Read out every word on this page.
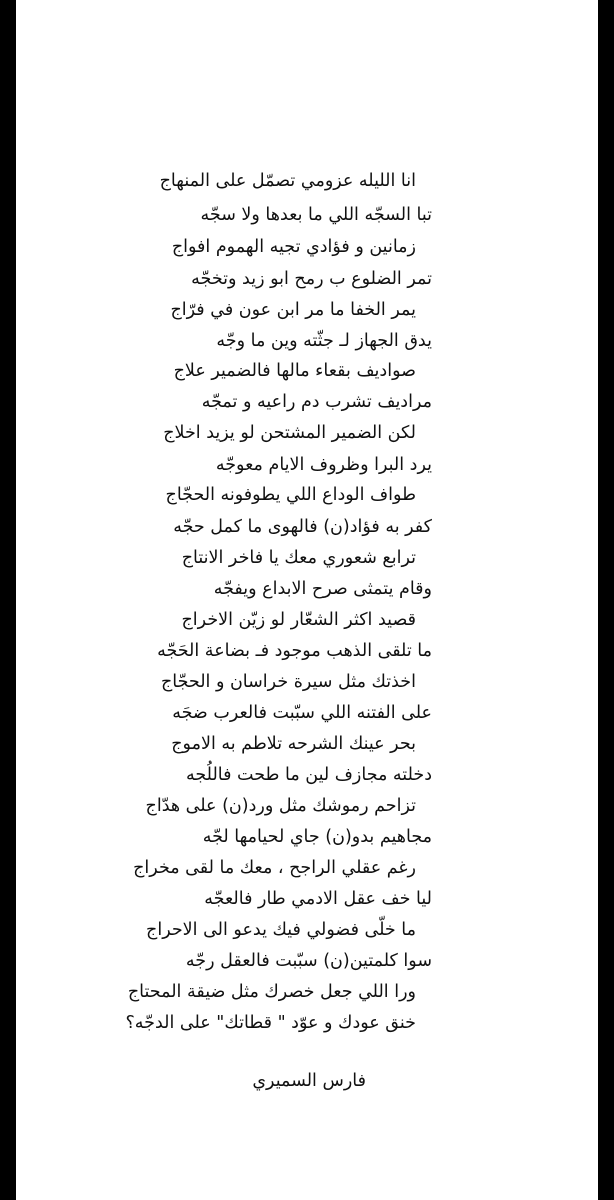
انا الليله عزومي تصمّل على المنهاج
تبا السجّه اللي ما بعدها ولا سجّه
زمانين و فؤادي تجيه الهموم افواج
تمر الضلوع ب رمح ابو زيد وتخجّه
يمر الخفا ما مر ابن عون في فرّاج
يدق الجهاز لـ جثّته وين ما وجّه
صواديف بقعاء مالها فالضمير علاج
مراديف تشرب دم راعيه و تمجّه
لكن الضمير المشتحن لو يزيد اخلاج
يرد البرا وظروف الايام معوجّه
طواف الوداع اللي يطوفونه الحجّاج
كفر به فؤاد(ن) فالهوى ما كمل حجّه
ترابع شعوري معك يا فاخر الانتاج
وقام يتمثى صرح الابداع ويفجّه
قصيد اكثر الشعّار لو زيّن الاخراج
ما تلقى الذهب موجود فـ بضاعة الحَجّه
اخذتك مثل سيرة خراسان و الحجّاج
على الفتنه اللي سبّبت فالعرب ضجَه
بحر عينك الشرحه تلاطم به الاموج
دخلته مجازف لين ما طحت فاللُجه
تزاحم رموشك مثل ورد(ن) على هدّاج
مجاهيم بدو(ن) جاي لحيامها لجّه
رغم عقلي الراجح ، معك ما لقى مخراج
ليا خف عقل الادمي طار فالعجّه
ما خلّى فضولي فيك يدعو الى الاحراج
سوا كلمتين(ن) سبّبت فالعقل رجّه
ورا اللي جعل خصرك مثل ضيقة المحتاج
خنق عودك و عوّد " قطاتك" على الدجّه؟
فارس السميري
